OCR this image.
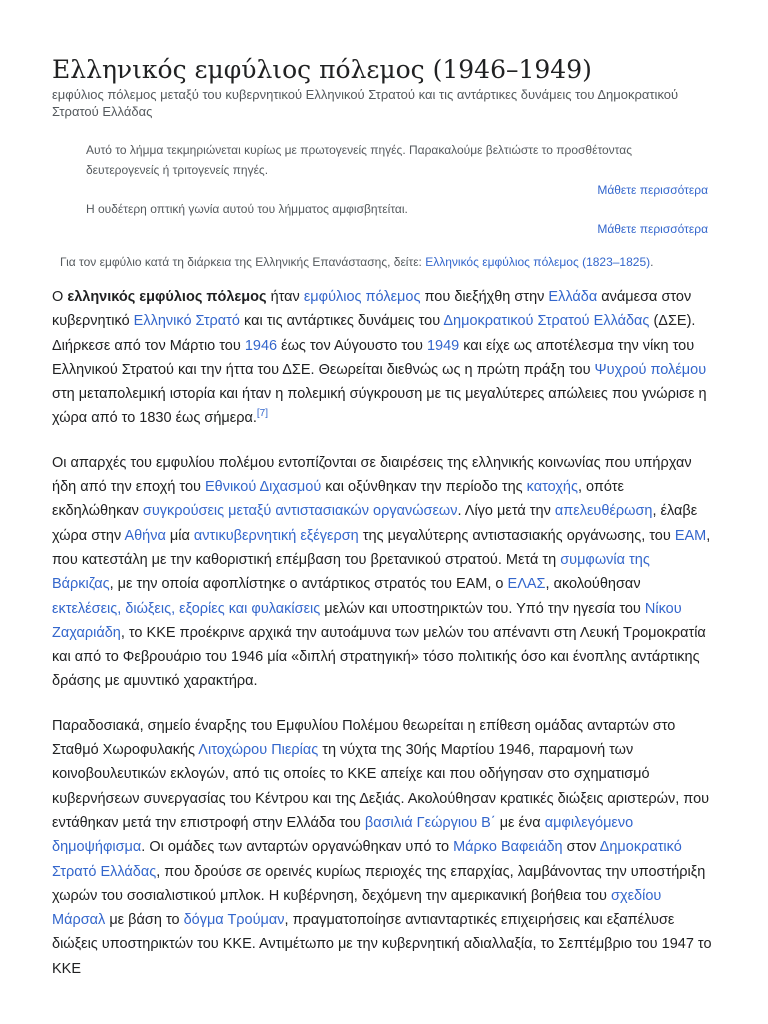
Ελληνικός εμφύλιος πόλεμος (1946–1949)
εμφύλιος πόλεμος μεταξύ του κυβερνητικού Ελληνικού Στρατού και τις αντάρτικες δυνάμεις του Δημοκρατικού Στρατού Ελλάδας
Αυτό το λήμμα τεκμηριώνεται κυρίως με πρωτογενείς πηγές. Παρακαλούμε βελτιώστε το προσθέτοντας δευτερογενείς ή τριτογενείς πηγές.
Μάθετε περισσότερα
Η ουδέτερη οπτική γωνία αυτού του λήμματος αμφισβητείται.
Μάθετε περισσότερα
Για τον εμφύλιο κατά τη διάρκεια της Ελληνικής Επανάστασης, δείτε: Ελληνικός εμφύλιος πόλεμος (1823–1825).

Ο ελληνικός εμφύλιος πόλεμος ήταν εμφύλιος πόλεμος που διεξήχθη στην Ελλάδα ανάμεσα στον κυβερνητικό Ελληνικό Στρατό και τις αντάρτικες δυνάμεις του Δημοκρατικού Στρατού Ελλάδας (ΔΣΕ). Διήρκεσε από τον Μάρτιο του 1946 έως τον Αύγουστο του 1949 και είχε ως αποτέλεσμα την νίκη του Ελληνικού Στρατού και την ήττα του ΔΣΕ. Θεωρείται διεθνώς ως η πρώτη πράξη του Ψυχρού πολέμου στη μεταπολεμική ιστορία και ήταν η πολεμική σύγκρουση με τις μεγαλύτερες απώλειες που γνώρισε η χώρα από το 1830 έως σήμερα.[7]

Οι απαρχές του εμφυλίου πολέμου εντοπίζονται σε διαιρέσεις της ελληνικής κοινωνίας που υπήρχαν ήδη από την εποχή του Εθνικού Διχασμού και οξύνθηκαν την περίοδο της κατοχής, οπότε εκδηλώθηκαν συγκρούσεις μεταξύ αντιστασιακών οργανώσεων. Λίγο μετά την απελευθέρωση, έλαβε χώρα στην Αθήνα μία αντικυβερνητική εξέγερση της μεγαλύτερης αντιστασιακής οργάνωσης, του ΕΑΜ, που κατεστάλη με την καθοριστική επέμβαση του βρετανικού στρατού. Μετά τη συμφωνία της Βάρκιζας, με την οποία αφοπλίστηκε ο αντάρτικος στρατός του ΕΑΜ, ο ΕΛΑΣ, ακολούθησαν εκτελέσεις, διώξεις, εξορίες και φυλακίσεις μελών και υποστηρικτών του. Υπό την ηγεσία του Νίκου Ζαχαριάδη, το ΚΚΕ προέκρινε αρχικά την αυτοάμυνα των μελών του απέναντι στη Λευκή Τρομοκρατία και από το Φεβρουάριο του 1946 μία «διπλή στρατηγική» τόσο πολιτικής όσο και ένοπλης αντάρτικης δράσης με αμυντικό χαρακτήρα.

Παραδοσιακά, σημείο έναρξης του Εμφυλίου Πολέμου θεωρείται η επίθεση ομάδας ανταρτών στο Σταθμό Χωροφυλακής Λιτοχώρου Πιερίας τη νύχτα της 30ής Μαρτίου 1946, παραμονή των κοινοβουλευτικών εκλογών, από τις οποίες το ΚΚΕ απείχε και που οδήγησαν στο σχηματισμό κυβερνήσεων συνεργασίας του Κέντρου και της Δεξιάς. Ακολούθησαν κρατικές διώξεις αριστερών, που εντάθηκαν μετά την επιστροφή στην Ελλάδα του βασιλιά Γεώργιου Β΄ με ένα αμφιλεγόμενο δημοψήφισμα. Οι ομάδες των ανταρτών οργανώθηκαν υπό το Μάρκο Βαφειάδη στον Δημοκρατικό Στρατό Ελλάδας, που δρούσε σε ορεινές κυρίως περιοχές της επαρχίας, λαμβάνοντας την υποστήριξη χωρών του σοσιαλιστικού μπλοκ. Η κυβέρνηση, δεχόμενη την αμερικανική βοήθεια του σχεδίου Μάρσαλ με βάση το δόγμα Τρούμαν, πραγματοποίησε αντιανταρτικές επιχειρήσεις και εξαπέλυσε διώξεις υποστηρικτών του ΚΚΕ. Αντιμέτωπο με την κυβερνητική αδιαλλαξία, το Σεπτέμβριο του 1947 το ΚΚΕ
